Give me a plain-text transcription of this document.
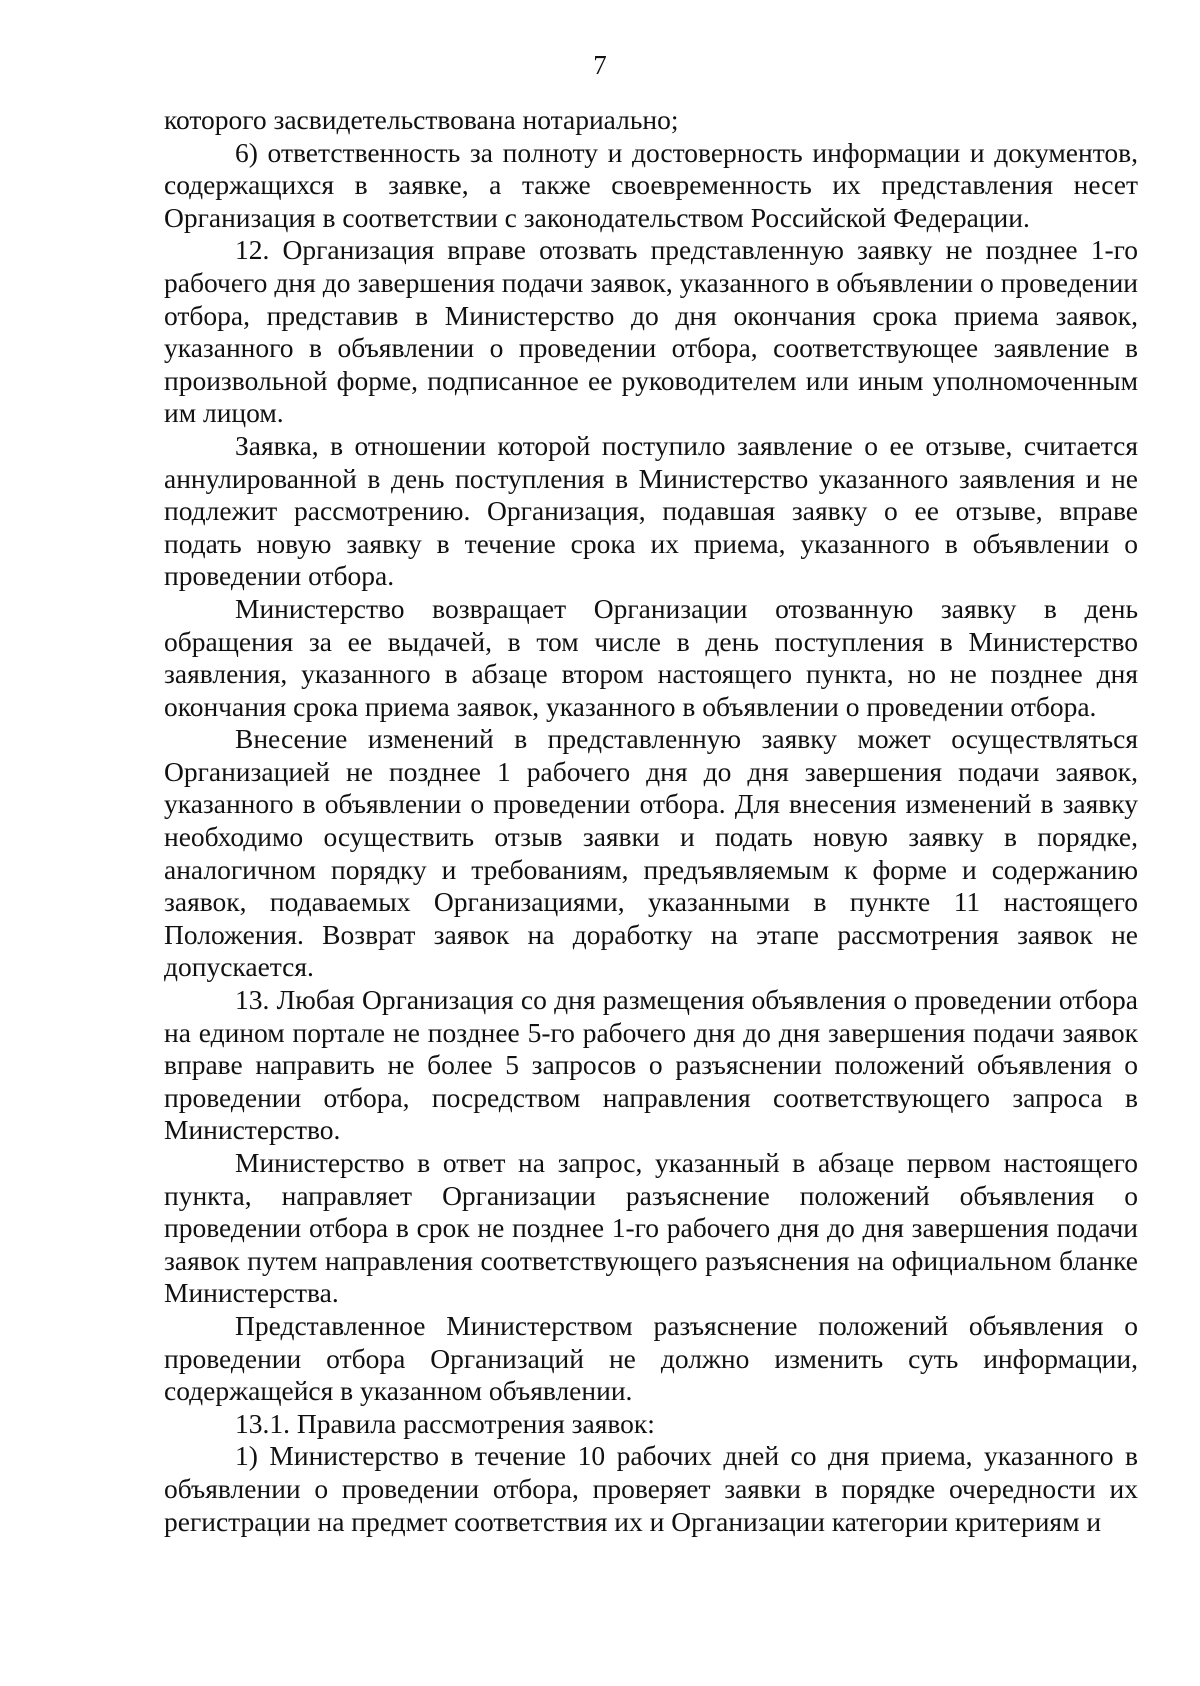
7

которого засвидетельствована нотариально;

6) ответственность за полноту и достоверность информации и документов, содержащихся в заявке, а также своевременность их представления несет Организация в соответствии с законодательством Российской Федерации.

12. Организация вправе отозвать представленную заявку не позднее 1-го рабочего дня до завершения подачи заявок, указанного в объявлении о проведении отбора, представив в Министерство до дня окончания срока приема заявок, указанного в объявлении о проведении отбора, соответствующее заявление в произвольной форме, подписанное ее руководителем или иным уполномоченным им лицом.

Заявка, в отношении которой поступило заявление о ее отзыве, считается аннулированной в день поступления в Министерство указанного заявления и не подлежит рассмотрению. Организация, подавшая заявку о ее отзыве, вправе подать новую заявку в течение срока их приема, указанного в объявлении о проведении отбора.

Министерство возвращает Организации отозванную заявку в день обращения за ее выдачей, в том числе в день поступления в Министерство заявления, указанного в абзаце втором настоящего пункта, но не позднее дня окончания срока приема заявок, указанного в объявлении о проведении отбора.

Внесение изменений в представленную заявку может осуществляться Организацией не позднее 1 рабочего дня до дня завершения подачи заявок, указанного в объявлении о проведении отбора. Для внесения изменений в заявку необходимо осуществить отзыв заявки и подать новую заявку в порядке, аналогичном порядку и требованиям, предъявляемым к форме и содержанию заявок, подаваемых Организациями, указанными в пункте 11 настоящего Положения. Возврат заявок на доработку на этапе рассмотрения заявок не допускается.

13. Любая Организация со дня размещения объявления о проведении отбора на едином портале не позднее 5-го рабочего дня до дня завершения подачи заявок вправе направить не более 5 запросов о разъяснении положений объявления о проведении отбора, посредством направления соответствующего запроса в Министерство.

Министерство в ответ на запрос, указанный в абзаце первом настоящего пункта, направляет Организации разъяснение положений объявления о проведении отбора в срок не позднее 1-го рабочего дня до дня завершения подачи заявок путем направления соответствующего разъяснения на официальном бланке Министерства.

Представленное Министерством разъяснение положений объявления о проведении отбора Организаций не должно изменить суть информации, содержащейся в указанном объявлении.

13.1. Правила рассмотрения заявок:

1) Министерство в течение 10 рабочих дней со дня приема, указанного в объявлении о проведении отбора, проверяет заявки в порядке очередности их регистрации на предмет соответствия их и Организации категории критериям и
